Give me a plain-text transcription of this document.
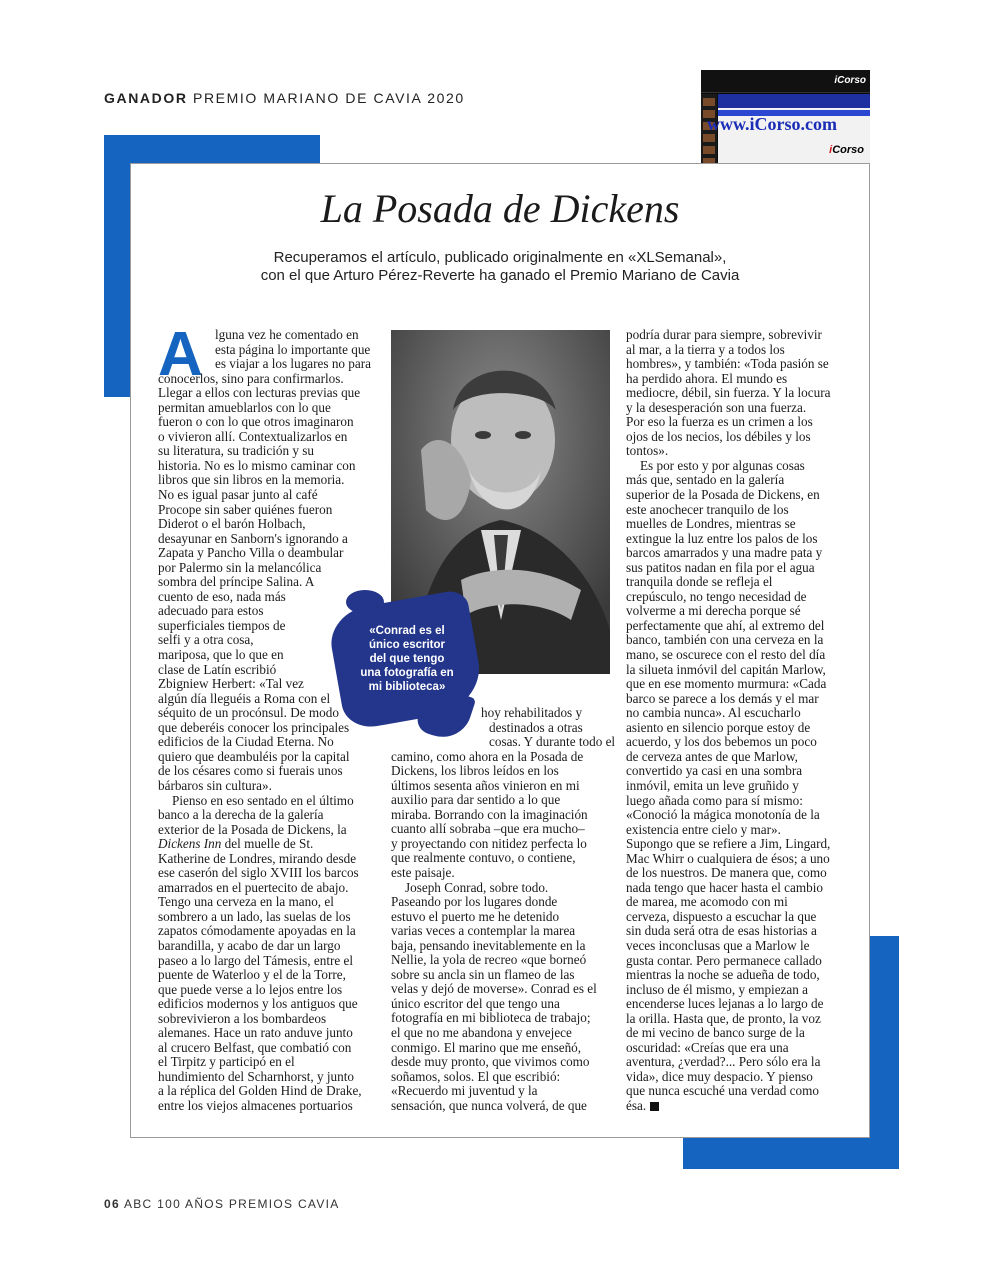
GANADOR PREMIO MARIANO DE CAVIA 2020
iCorso
www.iCorso.com
iCorso
La Posada de Dickens
Recuperamos el artículo, publicado originalmente en «XLSemanal»,
con el que Arturo Pérez-Reverte ha ganado el Premio Mariano de Cavia
A lguna vez he comentado en
esta página lo importante que
es viajar a los lugares no para
conocerlos, sino para confirmarlos.
Llegar a ellos con lecturas previas que
permitan amueblarlos con lo que
fueron o con lo que otros imaginaron
o vivieron allí. Contextualizarlos en
su literatura, su tradición y su
historia. No es lo mismo caminar con
libros que sin libros en la memoria.
No es igual pasar junto al café
Procope sin saber quiénes fueron
Diderot o el barón Holbach,
desayunar en Sanborn's ignorando a
Zapata y Pancho Villa o deambular
por Palermo sin la melancólica
sombra del príncipe Salina. A
cuento de eso, nada más
adecuado para estos
superficiales tiempos de
selfi y a otra cosa,
mariposa, que lo que en
clase de Latín escribió
Zbigniew Herbert: «Tal vez
algún día lleguéis a Roma con el
séquito de un procónsul. De modo
que deberéis conocer los principales
edificios de la Ciudad Eterna. No
quiero que deambuléis por la capital
de los césares como si fuerais unos
bárbaros sin cultura».
Pienso en eso sentado en el último
banco a la derecha de la galería
exterior de la Posada de Dickens, la
Dickens Inn del muelle de St.
Katherine de Londres, mirando desde
ese caserón del siglo XVIII los barcos
amarrados en el puertecito de abajo.
Tengo una cerveza en la mano, el
sombrero a un lado, las suelas de los
zapatos cómodamente apoyadas en la
barandilla, y acabo de dar un largo
paseo a lo largo del Támesis, entre el
puente de Waterloo y el de la Torre,
que puede verse a lo lejos entre los
edificios modernos y los antiguos que
sobrevivieron a los bombardeos
alemanes. Hace un rato anduve junto
al crucero Belfast, que combatió con
el Tirpitz y participó en el
hundimiento del Scharnhorst, y junto
a la réplica del Golden Hind de Drake,
entre los viejos almacenes portuarios
«Conrad es el
único escritor
del que tengo
una fotografía en
mi biblioteca»
hoy rehabilitados y
destinados a otras
cosas. Y durante todo el
camino, como ahora en la Posada de
Dickens, los libros leídos en los
últimos sesenta años vinieron en mi
auxilio para dar sentido a lo que
miraba. Borrando con la imaginación
cuanto allí sobraba –que era mucho–
y proyectando con nitidez perfecta lo
que realmente contuvo, o contiene,
este paisaje.
Joseph Conrad, sobre todo.
Paseando por los lugares donde
estuvo el puerto me he detenido
varias veces a contemplar la marea
baja, pensando inevitablemente en la
Nellie, la yola de recreo «que borneó
sobre su ancla sin un flameo de las
velas y dejó de moverse». Conrad es el
único escritor del que tengo una
fotografía en mi biblioteca de trabajo;
el que no me abandona y envejece
conmigo. El marino que me enseñó,
desde muy pronto, que vivimos como
soñamos, solos. El que escribió:
«Recuerdo mi juventud y la
sensación, que nunca volverá, de que
podría durar para siempre, sobrevivir
al mar, a la tierra y a todos los
hombres», y también: «Toda pasión se
ha perdido ahora. El mundo es
mediocre, débil, sin fuerza. Y la locura
y la desesperación son una fuerza.
Por eso la fuerza es un crimen a los
ojos de los necios, los débiles y los
tontos».
Es por esto y por algunas cosas
más que, sentado en la galería
superior de la Posada de Dickens, en
este anochecer tranquilo de los
muelles de Londres, mientras se
extingue la luz entre los palos de los
barcos amarrados y una madre pata y
sus patitos nadan en fila por el agua
tranquila donde se refleja el
crepúsculo, no tengo necesidad de
volverme a mi derecha porque sé
perfectamente que ahí, al extremo del
banco, también con una cerveza en la
mano, se oscurece con el resto del día
la silueta inmóvil del capitán Marlow,
que en ese momento murmura: «Cada
barco se parece a los demás y el mar
no cambia nunca». Al escucharlo
asiento en silencio porque estoy de
acuerdo, y los dos bebemos un poco
de cerveza antes de que Marlow,
convertido ya casi en una sombra
inmóvil, emita un leve gruñido y
luego añada como para sí mismo:
«Conoció la mágica monotonía de la
existencia entre cielo y mar».
Supongo que se refiere a Jim, Lingard,
Mac Whirr o cualquiera de ésos; a uno
de los nuestros. De manera que, como
nada tengo que hacer hasta el cambio
de marea, me acomodo con mi
cerveza, dispuesto a escuchar la que
sin duda será otra de esas historias a
veces inconclusas que a Marlow le
gusta contar. Pero permanece callado
mientras la noche se adueña de todo,
incluso de él mismo, y empiezan a
encenderse luces lejanas a lo largo de
la orilla. Hasta que, de pronto, la voz
de mi vecino de banco surge de la
oscuridad: «Creías que era una
aventura, ¿verdad?... Pero sólo era la
vida», dice muy despacio. Y pienso
que nunca escuché una verdad como
ésa.
06 ABC 100 AÑOS PREMIOS CAVIA
